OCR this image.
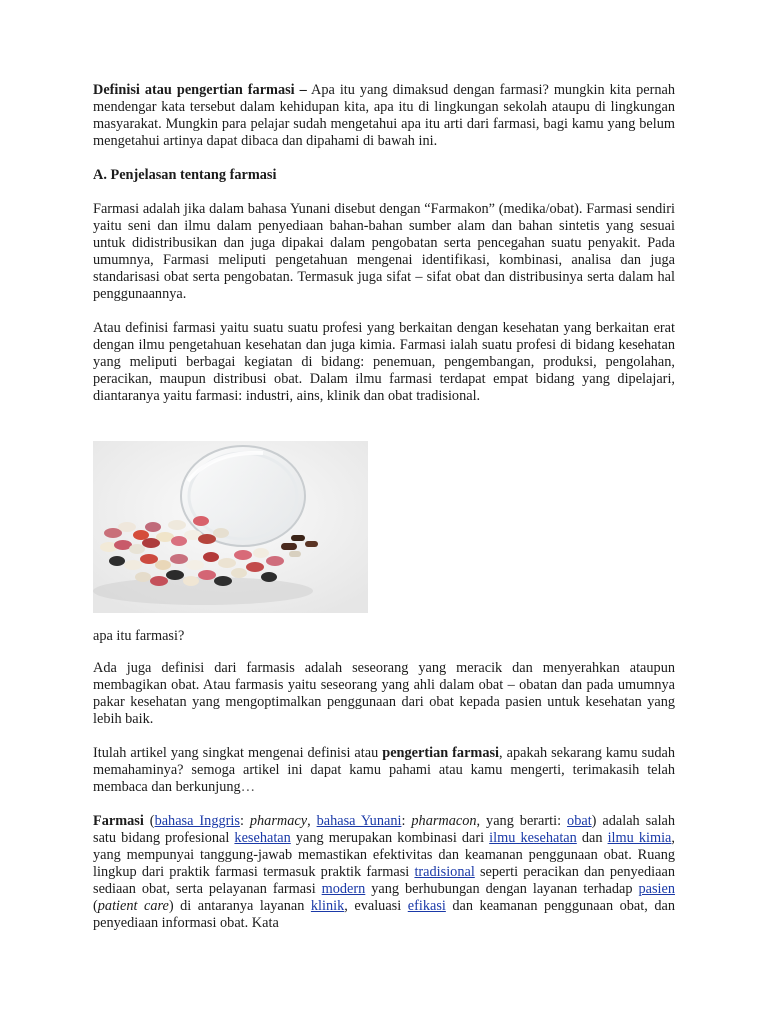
Definisi atau pengertian farmasi – Apa itu yang dimaksud dengan farmasi? mungkin kita pernah mendengar kata tersebut dalam kehidupan kita, apa itu di lingkungan sekolah ataupu di lingkungan masyarakat. Mungkin para pelajar sudah mengetahui apa itu arti dari farmasi, bagi kamu yang belum mengetahui artinya dapat dibaca dan dipahami di bawah ini.

A. Penjelasan tentang farmasi

Farmasi adalah jika dalam bahasa Yunani disebut dengan “Farmakon” (medika/obat). Farmasi sendiri yaitu seni dan ilmu dalam penyediaan bahan-bahan sumber alam dan bahan sintetis yang sesuai untuk didistribusikan dan juga dipakai dalam pengobatan serta pencegahan suatu penyakit. Pada umumnya, Farmasi meliputi pengetahuan mengenai identifikasi, kombinasi, analisa dan juga standarisasi obat serta pengobatan. Termasuk juga sifat – sifat obat dan distribusinya serta dalam hal penggunaannya.

Atau definisi farmasi yaitu suatu suatu profesi yang berkaitan dengan kesehatan yang berkaitan erat dengan ilmu pengetahuan kesehatan dan juga kimia. Farmasi ialah suatu profesi di bidang kesehatan yang meliputi berbagai kegiatan di bidang: penemuan, pengembangan, produksi, pengolahan, peracikan, maupun distribusi obat. Dalam ilmu farmasi terdapat empat bidang yang dipelajari, diantaranya yaitu farmasi: industri, ains, klinik dan obat tradisional.

apa itu farmasi?

Ada juga definisi dari farmasis adalah seseorang yang meracik dan menyerahkan ataupun membagikan obat. Atau farmasis yaitu seseorang yang ahli dalam obat – obatan dan pada umumnya pakar kesehatan yang mengoptimalkan penggunaan dari obat kepada pasien untuk kesehatan yang lebih baik.

Itulah artikel yang singkat mengenai definisi atau pengertian farmasi, apakah sekarang kamu sudah memahaminya? semoga artikel ini dapat kamu pahami atau kamu mengerti, terimakasih telah membaca dan berkunjung…

Farmasi (bahasa Inggris: pharmacy, bahasa Yunani: pharmacon, yang berarti: obat) adalah salah satu bidang profesional kesehatan yang merupakan kombinasi dari ilmu kesehatan dan ilmu kimia, yang mempunyai tanggung-jawab memastikan efektivitas dan keamanan penggunaan obat. Ruang lingkup dari praktik farmasi termasuk praktik farmasi tradisional seperti peracikan dan penyediaan sediaan obat, serta pelayanan farmasi modern yang berhubungan dengan layanan terhadap pasien (patient care) di antaranya layanan klinik, evaluasi efikasi dan keamanan penggunaan obat, dan penyediaan informasi obat. Kata
